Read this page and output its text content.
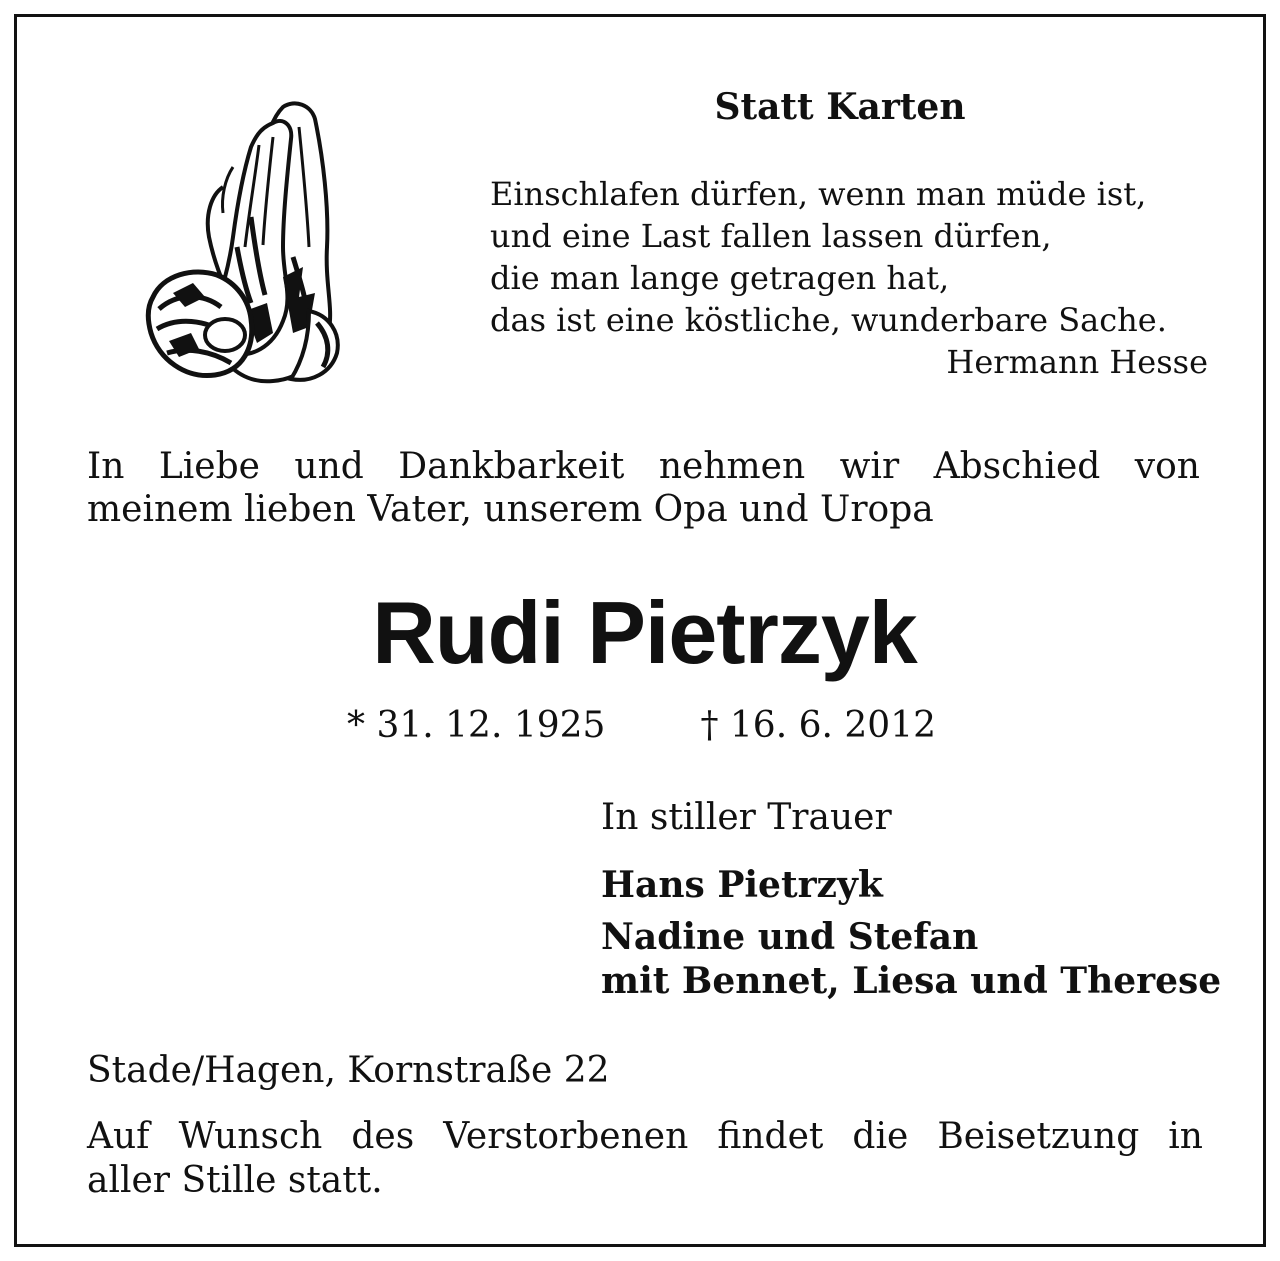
Statt Karten

Einschlafen dürfen, wenn man müde ist,
und eine Last fallen lassen dürfen,
die man lange getragen hat,
das ist eine köstliche, wunderbare Sache.
Hermann Hesse
In Liebe und Dankbarkeit nehmen wir Abschied von
meinem lieben Vater, unserem Opa und Uropa

Rudi Pietrzyk

* 31. 12. 1925	† 16. 6. 2012
In stiller Trauer
Hans Pietrzyk
Nadine und Stefan
mit Bennet, Liesa und Therese
Stade/Hagen, Kornstraße 22
Auf Wunsch des Verstorbenen findet die Beisetzung in
aller Stille statt.
